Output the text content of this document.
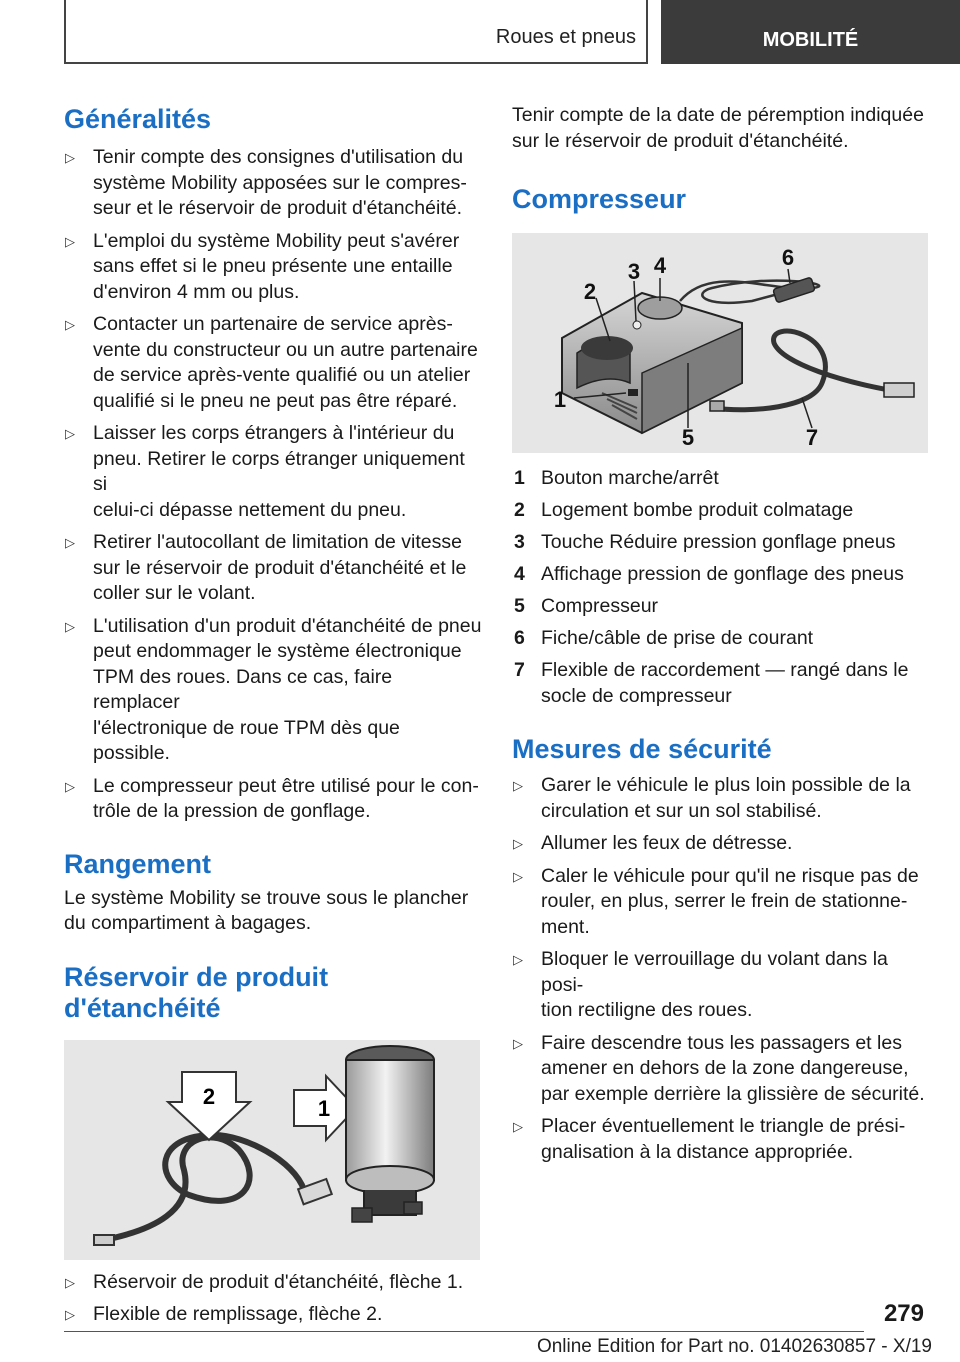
Roues et pneus	MOBILITÉ
Généralités
▷ Tenir compte des consignes d'utilisation du
système Mobility apposées sur le compres-
seur et le réservoir de produit d'étanchéité.
▷ L'emploi du système Mobility peut s'avérer
sans effet si le pneu présente une entaille
d'environ 4 mm ou plus.
▷ Contacter un partenaire de service après-
vente du constructeur ou un autre partenaire
de service après-vente qualifié ou un atelier
qualifié si le pneu ne peut pas être réparé.
▷ Laisser les corps étrangers à l'intérieur du
pneu. Retirer le corps étranger uniquement si
celui-ci dépasse nettement du pneu.
▷ Retirer l'autocollant de limitation de vitesse
sur le réservoir de produit d'étanchéité et le
coller sur le volant.
▷ L'utilisation d'un produit d'étanchéité de pneu
peut endommager le système électronique
TPM des roues. Dans ce cas, faire remplacer
l'électronique de roue TPM dès que possible.
▷ Le compresseur peut être utilisé pour le con-
trôle de la pression de gonflage.
Rangement
Le système Mobility se trouve sous le plancher
du compartiment à bagages.
Réservoir de produit
d'étanchéité
2	1
▷ Réservoir de produit d'étanchéité, flèche 1.
▷ Flexible de remplissage, flèche 2.
Tenir compte de la date de péremption indiquée
sur le réservoir de produit d'étanchéité.
Compresseur
1
2
3 4
5
6
7
1 Bouton marche/arrêt
2 Logement bombe produit colmatage
3 Touche Réduire pression gonflage pneus
4 Affichage pression de gonflage des pneus
5 Compresseur
6 Fiche/câble de prise de courant
7 Flexible de raccordement — rangé dans le
socle de compresseur
Mesures de sécurité
▷ Garer le véhicule le plus loin possible de la
circulation et sur un sol stabilisé.
▷ Allumer les feux de détresse.
▷ Caler le véhicule pour qu'il ne risque pas de
rouler, en plus, serrer le frein de stationne-
ment.
▷ Bloquer le verrouillage du volant dans la posi-
tion rectiligne des roues.
▷ Faire descendre tous les passagers et les
amener en dehors de la zone dangereuse,
par exemple derrière la glissière de sécurité.
▷ Placer éventuellement le triangle de prési-
gnalisation à la distance appropriée.
279
Online Edition for Part no. 01402630857 - X/19
